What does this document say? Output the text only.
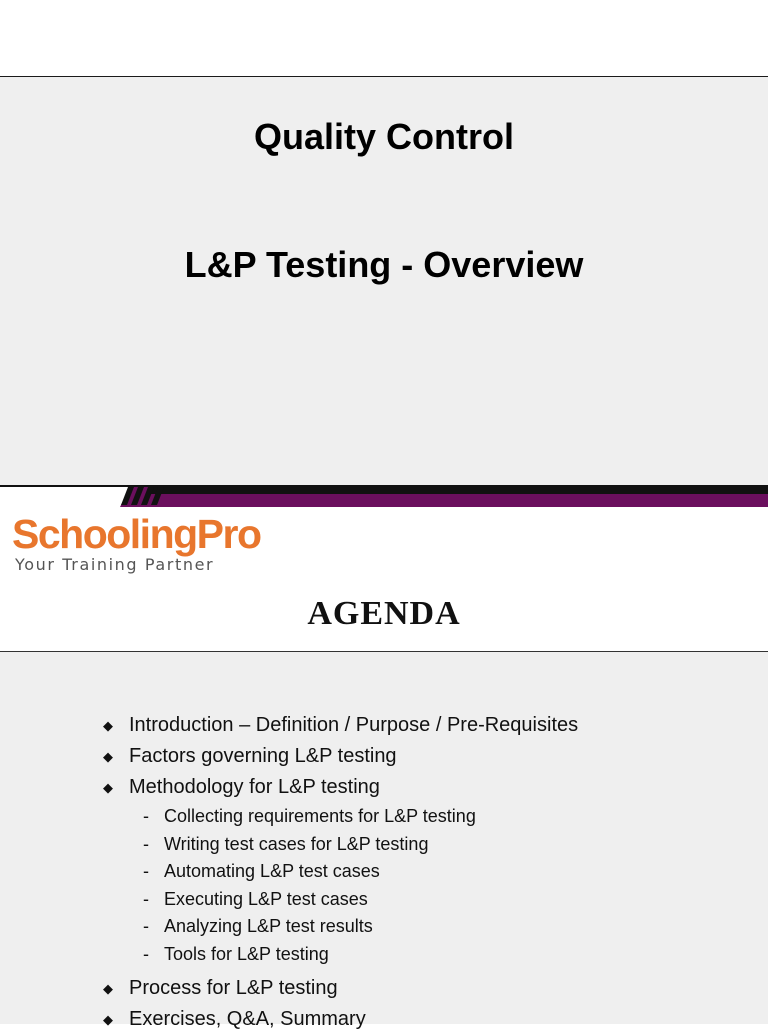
Quality Control
L&P Testing - Overview
SchoolingPro
Your Training Partner
AGENDA
◆ Introduction – Definition / Purpose / Pre-Requisites
◆ Factors governing L&P testing
◆ Methodology for L&P testing
- Collecting requirements for L&P testing
- Writing test cases for L&P testing
- Automating L&P test cases
- Executing L&P test cases
- Analyzing L&P test results
- Tools for L&P testing
◆ Process for L&P testing
◆ Exercises, Q&A, Summary
